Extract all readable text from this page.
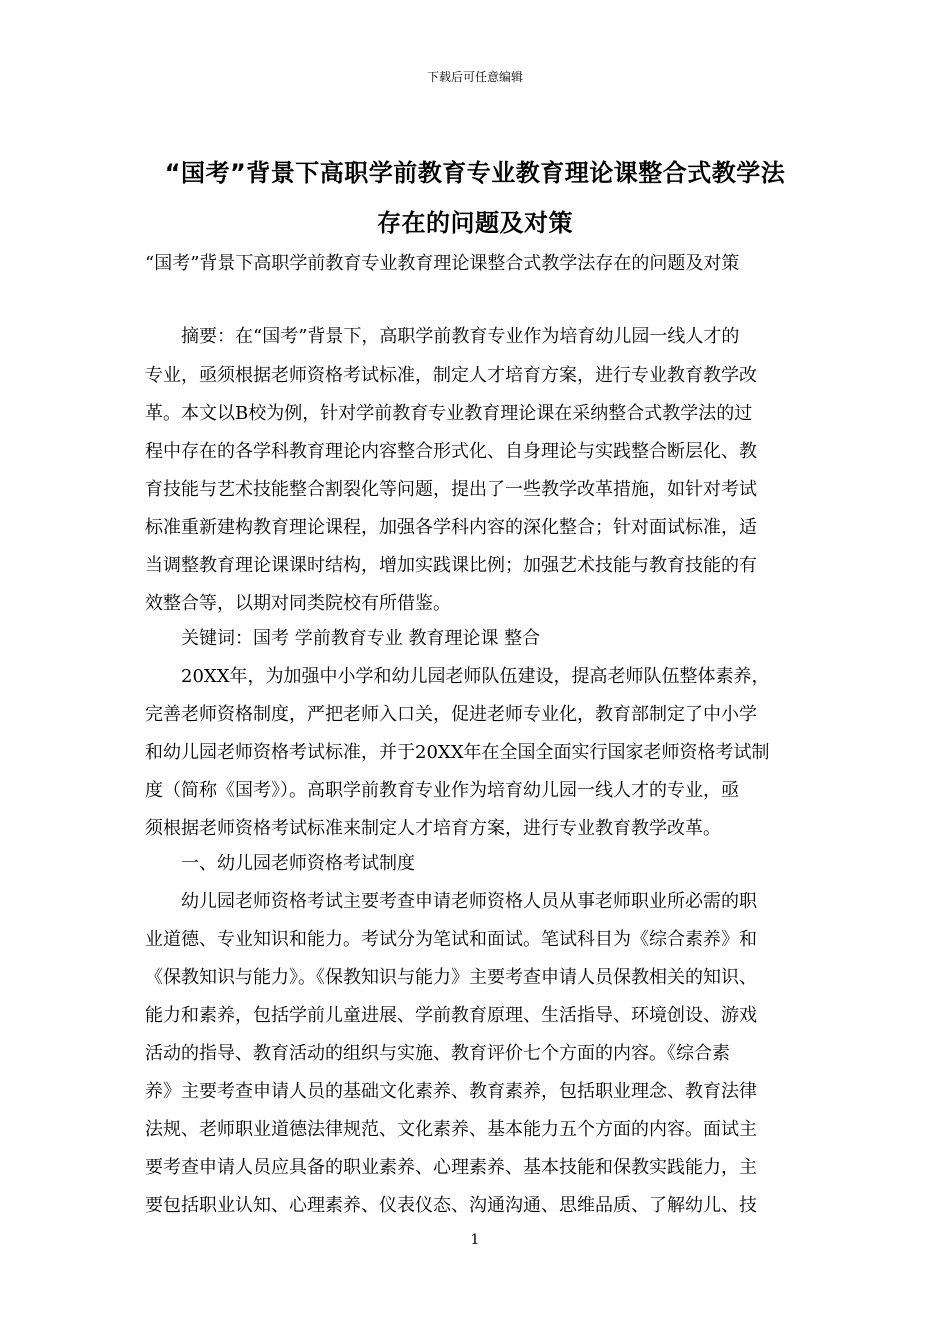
下载后可任意编辑
“国考”背景下高职学前教育专业教育理论课整合式教学法
存在的问题及对策
“国考”背景下高职学前教育专业教育理论课整合式教学法存在的问题及对策
　　摘要：在“国考”背景下，高职学前教育专业作为培育幼儿园一线人才的
专业，亟须根据老师资格考试标准，制定人才培育方案，进行专业教育教学改
革。本文以B校为例，针对学前教育专业教育理论课在采纳整合式教学法的过
程中存在的各学科教育理论内容整合形式化、自身理论与实践整合断层化、教
育技能与艺术技能整合割裂化等问题，提出了一些教学改革措施，如针对考试
标准重新建构教育理论课程，加强各学科内容的深化整合；针对面试标准，适
当调整教育理论课课时结构，增加实践课比例；加强艺术技能与教育技能的有
效整合等，以期对同类院校有所借鉴。
　　关键词：国考 学前教育专业 教育理论课 整合
　　20XX年，为加强中小学和幼儿园老师队伍建设，提高老师队伍整体素养，
完善老师资格制度，严把老师入口关，促进老师专业化，教育部制定了中小学
和幼儿园老师资格考试标准，并于20XX年在全国全面实行国家老师资格考试制
度（简称《国考》）。高职学前教育专业作为培育幼儿园一线人才的专业，亟
须根据老师资格考试标准来制定人才培育方案，进行专业教育教学改革。
　　一、幼儿园老师资格考试制度
　　幼儿园老师资格考试主要考查申请老师资格人员从事老师职业所必需的职
业道德、专业知识和能力。考试分为笔试和面试。笔试科目为《综合素养》和
《保教知识与能力》。《保教知识与能力》主要考查申请人员保教相关的知识、
能力和素养，包括学前儿童进展、学前教育原理、生活指导、环境创设、游戏
活动的指导、教育活动的组织与实施、教育评价七个方面的内容。《综合素
养》主要考查申请人员的基础文化素养、教育素养，包括职业理念、教育法律
法规、老师职业道德法律规范、文化素养、基本能力五个方面的内容。面试主
要考查申请人员应具备的职业素养、心理素养、基本技能和保教实践能力，主
要包括职业认知、心理素养、仪表仪态、沟通沟通、思维品质、了解幼儿、技
1
